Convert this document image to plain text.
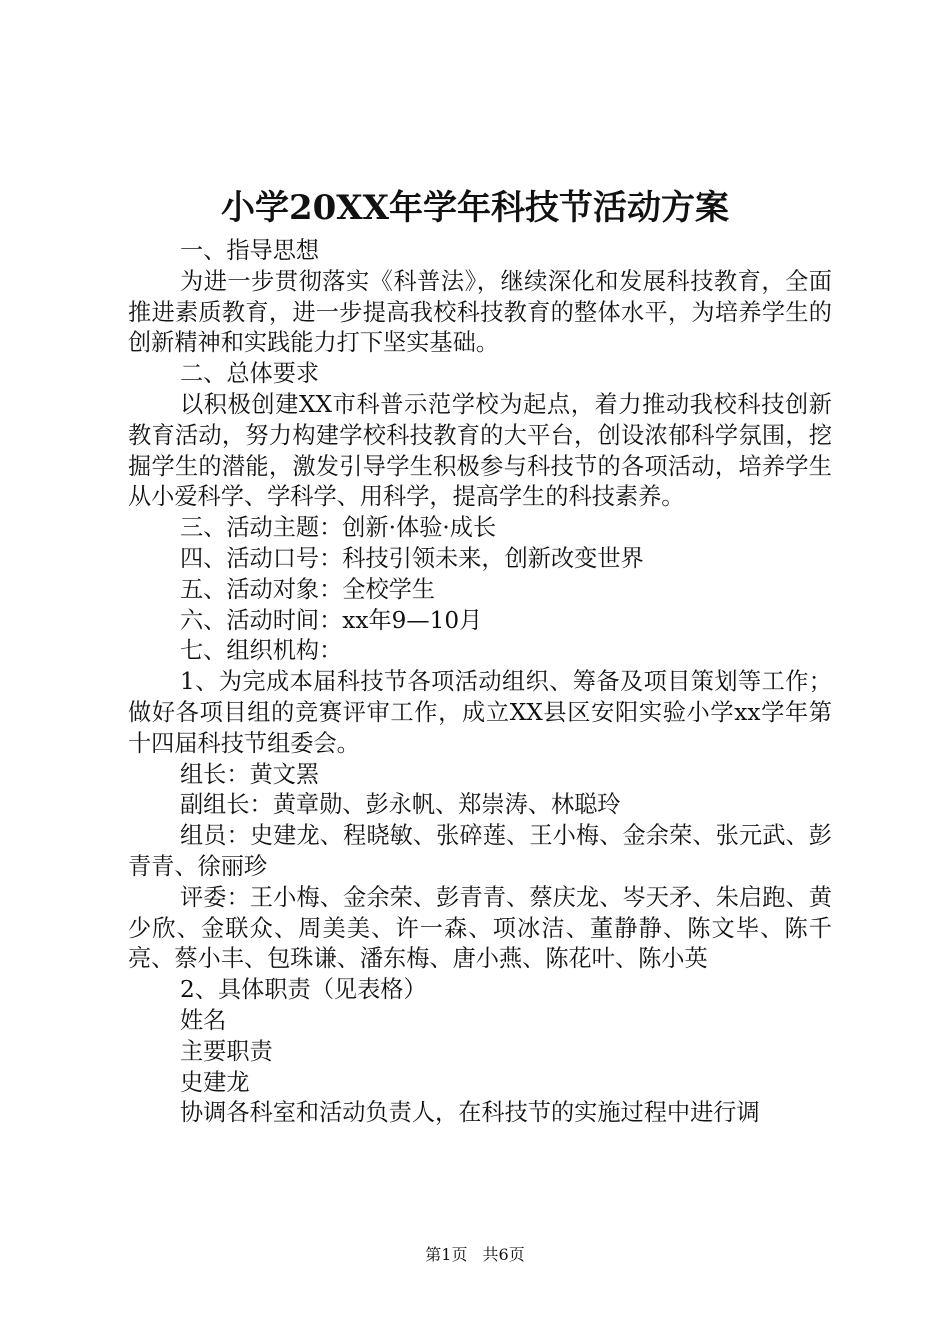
小学20XX年学年科技节活动方案

一、指导思想

为进一步贯彻落实《科普法》，继续深化和发展科技教育，全面推进素质教育，进一步提高我校科技教育的整体水平，为培养学生的创新精神和实践能力打下坚实基础。

二、总体要求

以积极创建XX市科普示范学校为起点，着力推动我校科技创新教育活动，努力构建学校科技教育的大平台，创设浓郁科学氛围，挖掘学生的潜能，激发引导学生积极参与科技节的各项活动，培养学生从小爱科学、学科学、用科学，提高学生的科技素养。

三、活动主题：创新·体验·成长

四、活动口号：科技引领未来，创新改变世界

五、活动对象：全校学生

六、活动时间：xx年9—10月

七、组织机构：

1、为完成本届科技节各项活动组织、筹备及项目策划等工作；做好各项目组的竞赛评审工作，成立XX县区安阳实验小学xx学年第十四届科技节组委会。

组长：黄文罴

副组长：黄章勋、彭永帆、郑崇涛、林聪玲

组员：史建龙、程晓敏、张碎莲、王小梅、金余荣、张元武、彭青青、徐丽珍

评委：王小梅、金余荣、彭青青、蔡庆龙、岑天矛、朱启跑、黄少欣、金联众、周美美、许一森、项冰洁、董静静、陈文毕、陈千亮、蔡小丰、包珠谦、潘东梅、唐小燕、陈花叶、陈小英

2、具体职责（见表格）

姓名

主要职责

史建龙

协调各科室和活动负责人，在科技节的实施过程中进行调

第1页 共6页
